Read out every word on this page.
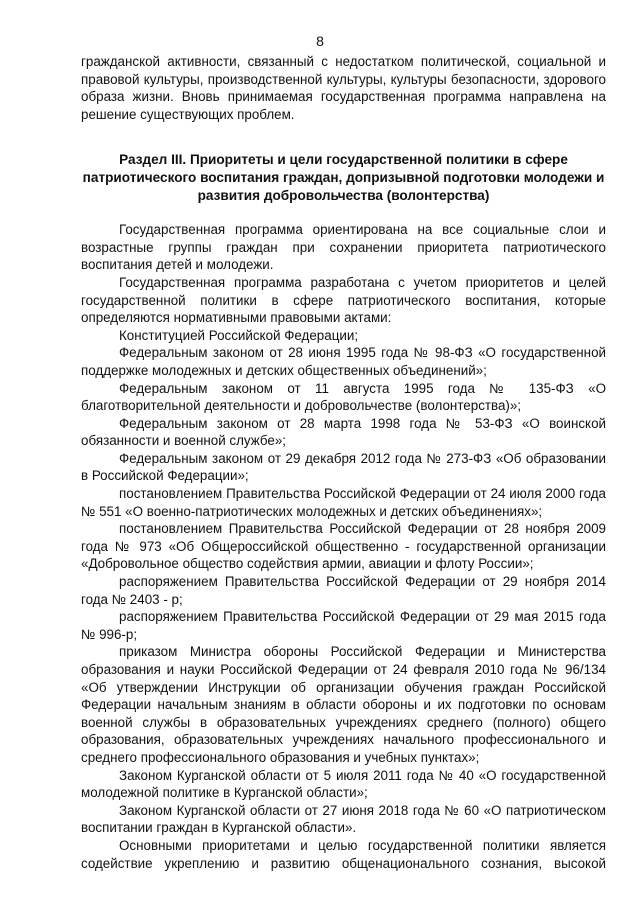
8

гражданской активности, связанный с недостатком политической, социальной и правовой культуры, производственной культуры, культуры безопасности, здорового образа жизни. Вновь принимаемая государственная программа направлена на решение существующих проблем.

Раздел III. Приоритеты и цели государственной политики в сфере патриотического воспитания граждан, допризывной подготовки молодежи и развития добровольчества (волонтерства)

Государственная программа ориентирована на все социальные слои и возрастные группы граждан при сохранении приоритета патриотического воспитания детей и молодежи.

Государственная программа разработана с учетом приоритетов и целей государственной политики в сфере патриотического воспитания, которые определяются нормативными правовыми актами:

Конституцией Российской Федерации;

Федеральным законом от 28 июня 1995 года № 98-ФЗ «О государственной поддержке молодежных и детских общественных объединений»;

Федеральным законом от 11 августа 1995 года № 135-ФЗ «О благотворительной деятельности и добровольчестве (волонтерства)»;

Федеральным законом от 28 марта 1998 года № 53-ФЗ «О воинской обязанности и военной службе»;

Федеральным законом от 29 декабря 2012 года № 273-ФЗ «Об образовании в Российской Федерации»;

постановлением Правительства Российской Федерации от 24 июля 2000 года № 551 «О военно-патриотических молодежных и детских объединениях»;

постановлением Правительства Российской Федерации от 28 ноября 2009 года № 973 «Об Общероссийской общественно - государственной организации «Добровольное общество содействия армии, авиации и флоту России»;

распоряжением Правительства Российской Федерации от 29 ноября 2014 года № 2403 - р;

распоряжением Правительства Российской Федерации от 29 мая 2015 года № 996-р;

приказом Министра обороны Российской Федерации и Министерства образования и науки Российской Федерации от 24 февраля 2010 года № 96/134 «Об утверждении Инструкции об организации обучения граждан Российской Федерации начальным знаниям в области обороны и их подготовки по основам военной службы в образовательных учреждениях среднего (полного) общего образования, образовательных учреждениях начального профессионального и среднего профессионального образования и учебных пунктах»;

Законом Курганской области от 5 июля 2011 года № 40 «О государственной молодежной политике в Курганской области»;

Законом Курганской области от 27 июня 2018 года № 60 «О патриотическом воспитании граждан в Курганской области».

Основными приоритетами и целью государственной политики является содействие укреплению и развитию общенационального сознания, высокой
